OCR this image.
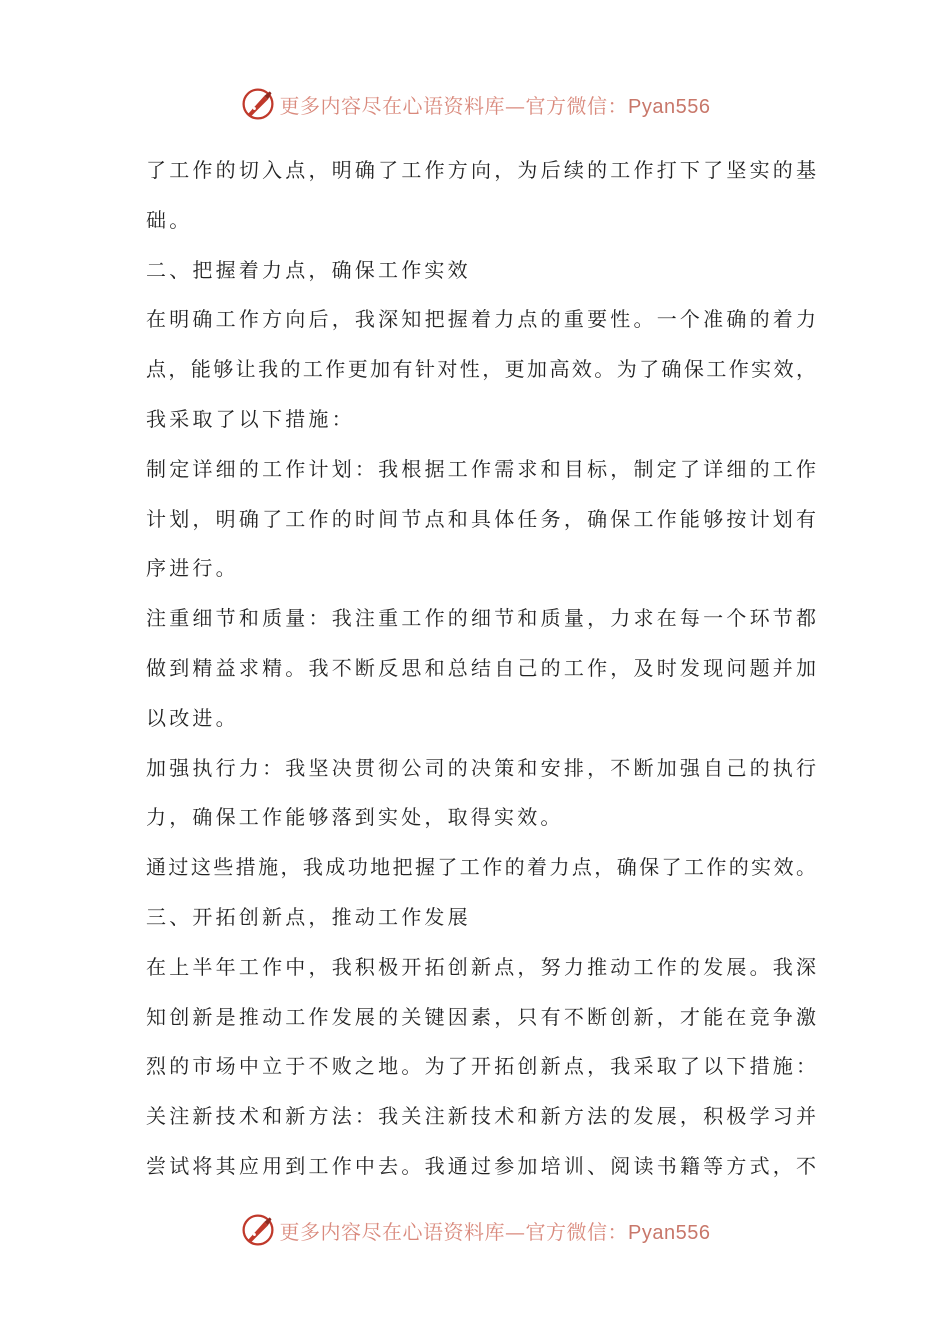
更多内容尽在心语资料库—官方微信：Pyan556

了工作的切入点，明确了工作方向，为后续的工作打下了坚实的基

础。

二、把握着力点，确保工作实效

在明确工作方向后，我深知把握着力点的重要性。一个准确的着力

点，能够让我的工作更加有针对性，更加高效。为了确保工作实效，

我采取了以下措施：

制定详细的工作计划：我根据工作需求和目标，制定了详细的工作

计划，明确了工作的时间节点和具体任务，确保工作能够按计划有

序进行。

注重细节和质量：我注重工作的细节和质量，力求在每一个环节都

做到精益求精。我不断反思和总结自己的工作，及时发现问题并加

以改进。

加强执行力：我坚决贯彻公司的决策和安排，不断加强自己的执行

力，确保工作能够落到实处，取得实效。

通过这些措施，我成功地把握了工作的着力点，确保了工作的实效。

三、开拓创新点，推动工作发展

在上半年工作中，我积极开拓创新点，努力推动工作的发展。我深

知创新是推动工作发展的关键因素，只有不断创新，才能在竞争激

烈的市场中立于不败之地。为了开拓创新点，我采取了以下措施：

关注新技术和新方法：我关注新技术和新方法的发展，积极学习并

尝试将其应用到工作中去。我通过参加培训、阅读书籍等方式，不

更多内容尽在心语资料库—官方微信：Pyan556
